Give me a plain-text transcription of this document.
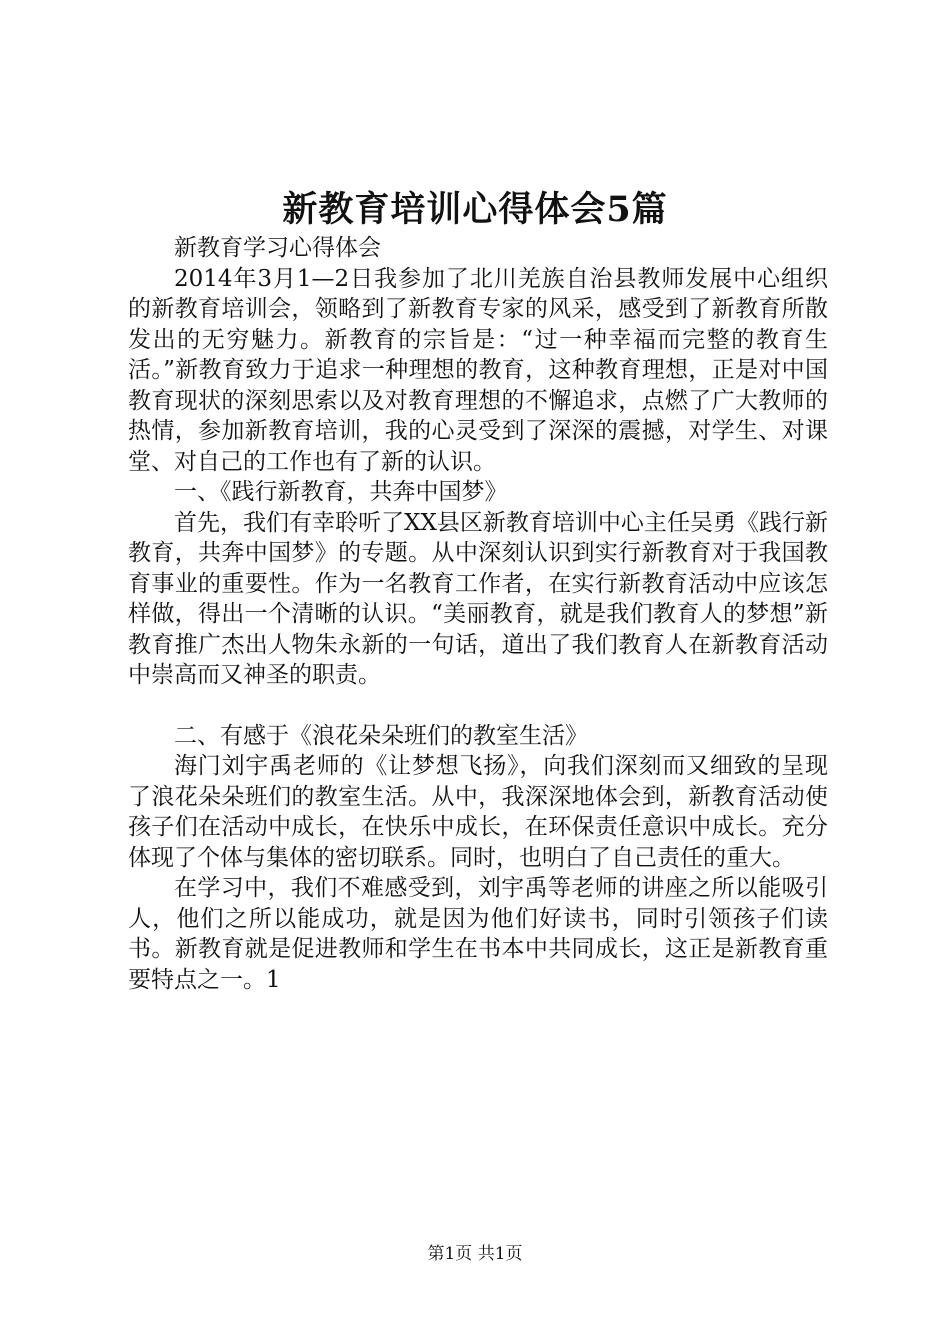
新教育培训心得体会5篇

新教育学习心得体会

2014年3月1—2日我参加了北川羌族自治县教师发展中心组织的新教育培训会，领略到了新教育专家的风采，感受到了新教育所散发出的无穷魅力。新教育的宗旨是：“过一种幸福而完整的教育生活。”新教育致力于追求一种理想的教育，这种教育理想，正是对中国教育现状的深刻思索以及对教育理想的不懈追求，点燃了广大教师的热情，参加新教育培训，我的心灵受到了深深的震撼，对学生、对课堂、对自己的工作也有了新的认识。

一、《践行新教育，共奔中国梦》

首先，我们有幸聆听了XX县区新教育培训中心主任吴勇《践行新教育，共奔中国梦》的专题。从中深刻认识到实行新教育对于我国教育事业的重要性。作为一名教育工作者，在实行新教育活动中应该怎样做，得出一个清晰的认识。“美丽教育，就是我们教育人的梦想”新教育推广杰出人物朱永新的一句话，道出了我们教育人在新教育活动中崇高而又神圣的职责。

二、有感于《浪花朵朵班们的教室生活》

海门刘宇禹老师的《让梦想飞扬》，向我们深刻而又细致的呈现了浪花朵朵班们的教室生活。从中，我深深地体会到，新教育活动使孩子们在活动中成长，在快乐中成长，在环保责任意识中成长。充分体现了个体与集体的密切联系。同时，也明白了自己责任的重大。

在学习中，我们不难感受到，刘宇禹等老师的讲座之所以能吸引人，他们之所以能成功，就是因为他们好读书，同时引领孩子们读书。新教育就是促进教师和学生在书本中共同成长，这正是新教育重要特点之一。1

第1页 共1页
